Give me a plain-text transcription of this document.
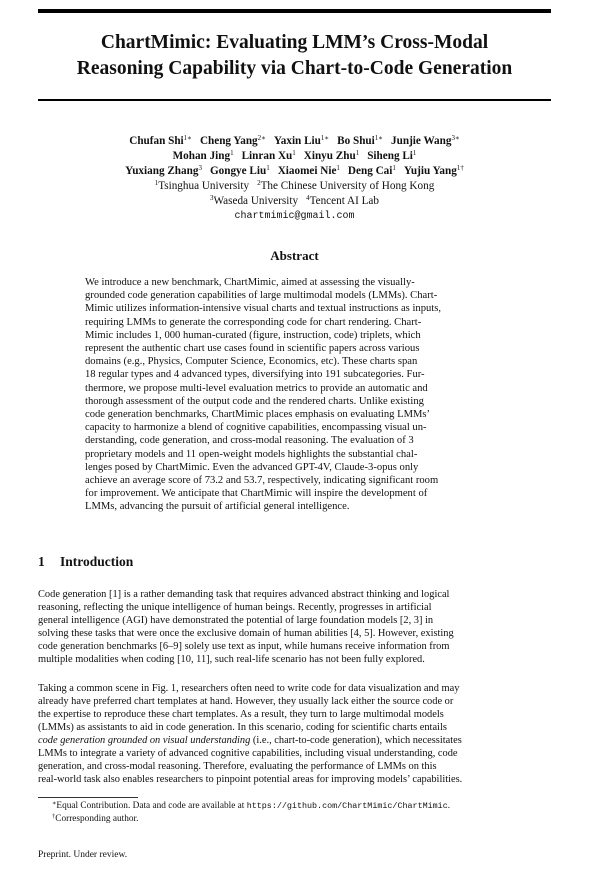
ChartMimic: Evaluating LMM’s Cross-Modal
Reasoning Capability via Chart-to-Code Generation
Chufan Shi$^{1∗}$ Cheng Yang$^{2∗}$ Yaxin Liu$^{1∗}$ Bo Shui$^{1∗}$ Junjie Wang$^{3∗}$
Mohan Jing$^1$ Linran Xu$^1$ Xinyu Zhu$^1$ Siheng Li$^1$
Yuxiang Zhang$^3$ Gongye Liu$^1$ Xiaomei Nie$^1$ Deng Cai$^1$ Yujiu Yang$^{1\dagger}$
$^1$Tsinghua University $^2$The Chinese University of Hong Kong
$^3$Waseda University $^4$Tencent AI Lab
chartmimic@gmail.com
Abstract
We introduce a new benchmark, ChartMimic, aimed at assessing the visually-
grounded code generation capabilities of large multimodal models (LMMs). Chart-
Mimic utilizes information-intensive visual charts and textual instructions as inputs,
requiring LMMs to generate the corresponding code for chart rendering. Chart-
Mimic includes 1, 000 human-curated (figure, instruction, code) triplets, which
represent the authentic chart use cases found in scientific papers across various
domains (e.g., Physics, Computer Science, Economics, etc). These charts span
18 regular types and 4 advanced types, diversifying into 191 subcategories. Fur-
thermore, we propose multi-level evaluation metrics to provide an automatic and
thorough assessment of the output code and the rendered charts. Unlike existing
code generation benchmarks, ChartMimic places emphasis on evaluating LMMs’
capacity to harmonize a blend of cognitive capabilities, encompassing visual un-
derstanding, code generation, and cross-modal reasoning. The evaluation of 3
proprietary models and 11 open-weight models highlights the substantial chal-
lenges posed by ChartMimic. Even the advanced GPT-4V, Claude-3-opus only
achieve an average score of 73.2 and 53.7, respectively, indicating significant room
for improvement. We anticipate that ChartMimic will inspire the development of
LMMs, advancing the pursuit of artificial general intelligence.
1 Introduction
Code generation [1] is a rather demanding task that requires advanced abstract thinking and logical
reasoning, reflecting the unique intelligence of human beings. Recently, progresses in artificial
general intelligence (AGI) have demonstrated the potential of large foundation models [2, 3] in
solving these tasks that were once the exclusive domain of human abilities [4, 5]. However, existing
code generation benchmarks [6–9] solely use text as input, while humans receive information from
multiple modalities when coding [10, 11], such real-life scenario has not been fully explored.
Taking a common scene in Fig. 1, researchers often need to write code for data visualization and may
already have preferred chart templates at hand. However, they usually lack either the source code or
the expertise to reproduce these chart templates. As a result, they turn to large multimodal models
(LMMs) as assistants to aid in code generation. In this scenario, coding for scientific charts entails
code generation grounded on visual understanding (i.e., chart-to-code generation), which necessitates
LMMs to integrate a variety of advanced cognitive capabilities, including visual understanding, code
generation, and cross-modal reasoning. Therefore, evaluating the performance of LMMs on this
real-world task also enables researchers to pinpoint potential areas for improving models’ capabilities.
∗Equal Contribution. Data and code are available at https://github.com/ChartMimic/ChartMimic.
†Corresponding author.
Preprint. Under review.
